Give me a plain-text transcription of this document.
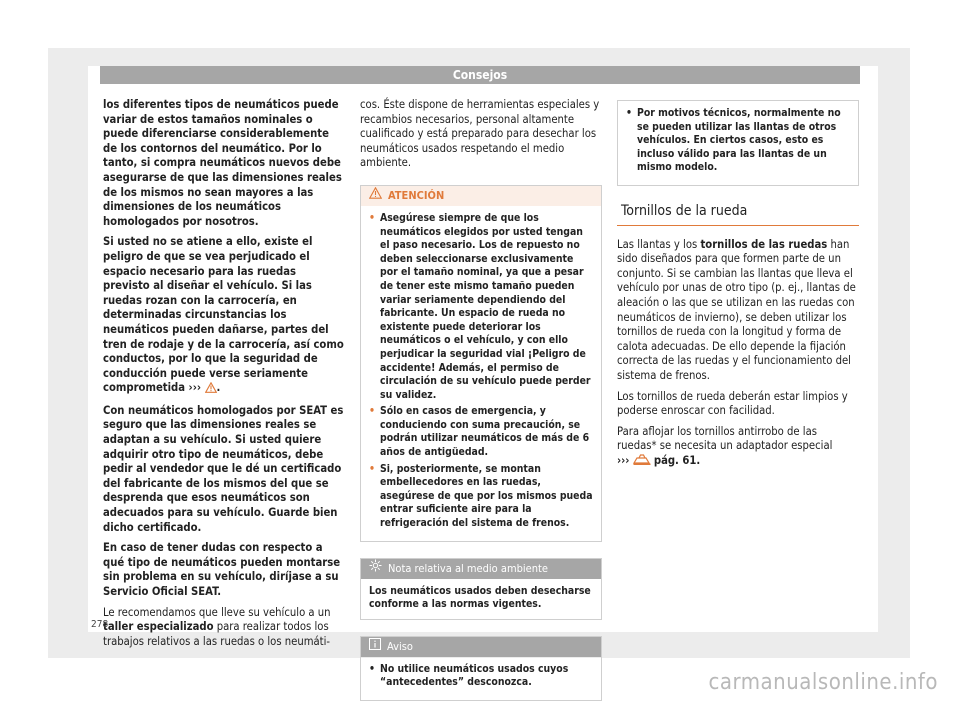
Consejos

los diferentes tipos de neumáticos puede variar de estos tamaños nominales o puede diferenciarse considerablemente de los contornos del neumático. Por lo tanto, si compra neumáticos nuevos debe asegurarse de que las dimensiones reales de los mismos no sean mayores a las dimensiones de los neumáticos homologados por nosotros.

Si usted no se atiene a ello, existe el peligro de que se vea perjudicado el espacio necesario para las ruedas previsto al diseñar el vehículo. Si las ruedas rozan con la carrocería, en determinadas circunstancias los neumáticos pueden dañarse, partes del tren de rodaje y de la carrocería, así como conductos, por lo que la seguridad de conducción puede verse seriamente comprometida ››› .

Con neumáticos homologados por SEAT es seguro que las dimensiones reales se adaptan a su vehículo. Si usted quiere adquirir otro tipo de neumáticos, debe pedir al vendedor que le dé un certificado del fabricante de los mismos del que se desprenda que esos neumáticos son adecuados para su vehículo. Guarde bien dicho certificado.

En caso de tener dudas con respecto a qué tipo de neumáticos pueden montarse sin problema en su vehículo, diríjase a su Servicio Oficial SEAT.

Le recomendamos que lleve su vehículo a un taller especializado para realizar todos los trabajos relativos a las ruedas o los neumáti-

cos. Éste dispone de herramientas especiales y recambios necesarios, personal altamente cualificado y está preparado para desechar los neumáticos usados respetando el medio ambiente.

ATENCIÓN
• Asegúrese siempre de que los neumáticos elegidos por usted tengan el paso necesario. Los de repuesto no deben seleccionarse exclusivamente por el tamaño nominal, ya que a pesar de tener este mismo tamaño pueden variar seriamente dependiendo del fabricante. Un espacio de rueda no existente puede deteriorar los neumáticos o el vehículo, y con ello perjudicar la seguridad vial ¡Peligro de accidente! Además, el permiso de circulación de su vehículo puede perder su validez.
• Sólo en casos de emergencia, y conduciendo con suma precaución, se podrán utilizar neumáticos de más de 6 años de antigüedad.
• Si, posteriormente, se montan embellecedores en las ruedas, asegúrese de que por los mismos pueda entrar suficiente aire para la refrigeración del sistema de frenos.
Nota relativa al medio ambiente
Los neumáticos usados deben desecharse conforme a las normas vigentes.
Aviso
• No utilice neumáticos usados cuyos “antecedentes” desconozca.
• Por motivos técnicos, normalmente no se pueden utilizar las llantas de otros vehículos. En ciertos casos, esto es incluso válido para las llantas de un mismo modelo.
Tornillos de la rueda

Las llantas y los tornillos de las ruedas han sido diseñados para que formen parte de un conjunto. Si se cambian las llantas que lleva el vehículo por unas de otro tipo (p. ej., llantas de aleación o las que se utilizan en las ruedas con neumáticos de invierno), se deben utilizar los tornillos de rueda con la longitud y forma de calota adecuadas. De ello depende la fijación correcta de las ruedas y el funcionamiento del sistema de frenos.

Los tornillos de rueda deberán estar limpios y poderse enroscar con facilidad.

Para aflojar los tornillos antirrobo de las ruedas* se necesita un adaptador especial
››› pág. 61.

278
carmanualsonline.info
